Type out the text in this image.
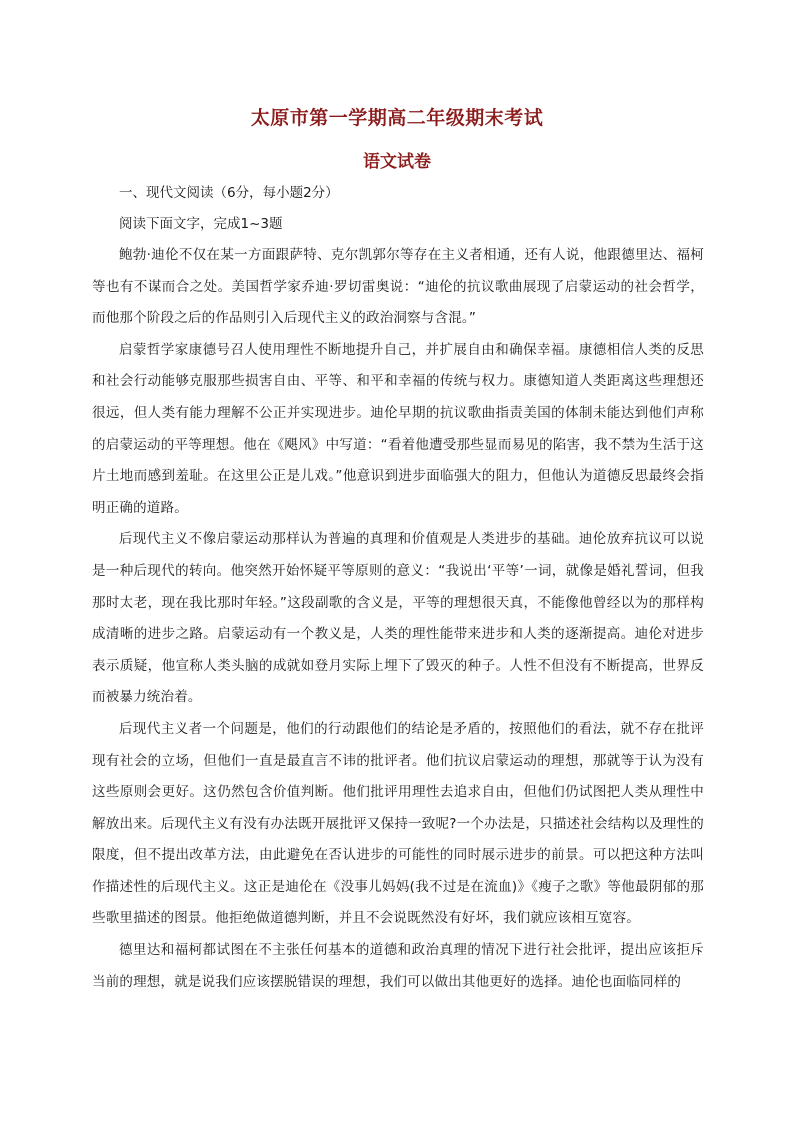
太原市第一学期高二年级期末考试
语文试卷
一、现代文阅读（6分，每小题2分）
阅读下面文字，完成1~3题

鲍勃·迪伦不仅在某一方面跟萨特、克尔凯郭尔等存在主义者相通，还有人说，他跟德里达、福柯等也有不谋而合之处。美国哲学家乔迪·罗切雷奥说：“迪伦的抗议歌曲展现了启蒙运动的社会哲学，而他那个阶段之后的作品则引入后现代主义的政治洞察与含混。”

启蒙哲学家康德号召人使用理性不断地提升自己，并扩展自由和确保幸福。康德相信人类的反思和社会行动能够克服那些损害自由、平等、和平和幸福的传统与权力。康德知道人类距离这些理想还很远，但人类有能力理解不公正并实现进步。迪伦早期的抗议歌曲指责美国的体制未能达到他们声称的启蒙运动的平等理想。他在《飓风》中写道：“看着他遭受那些显而易见的陷害，我不禁为生活于这片土地而感到羞耻。在这里公正是儿戏。”他意识到进步面临强大的阻力，但他认为道德反思最终会指明正确的道路。

后现代主义不像启蒙运动那样认为普遍的真理和价值观是人类进步的基础。迪伦放弃抗议可以说是一种后现代的转向。他突然开始怀疑平等原则的意义：“我说出‘平等’一词，就像是婚礼誓词，但我那时太老，现在我比那时年轻。”这段副歌的含义是，平等的理想很天真，不能像他曾经以为的那样构成清晰的进步之路。启蒙运动有一个教义是，人类的理性能带来进步和人类的逐渐提高。迪伦对进步表示质疑，他宣称人类头脑的成就如登月实际上埋下了毁灭的种子。人性不但没有不断提高，世界反而被暴力统治着。

后现代主义者一个问题是，他们的行动跟他们的结论是矛盾的，按照他们的看法，就不存在批评现有社会的立场，但他们一直是最直言不讳的批评者。他们抗议启蒙运动的理想，那就等于认为没有这些原则会更好。这仍然包含价值判断。他们批评用理性去追求自由，但他们仍试图把人类从理性中解放出来。后现代主义有没有办法既开展批评又保持一致呢?一个办法是，只描述社会结构以及理性的限度，但不提出改革方法，由此避免在否认进步的可能性的同时展示进步的前景。可以把这种方法叫作描述性的后现代主义。这正是迪伦在《没事儿妈妈(我不过是在流血)》《瘦子之歌》等他最阴郁的那些歌里描述的图景。他拒绝做道德判断，并且不会说既然没有好坏，我们就应该相互宽容。

德里达和福柯都试图在不主张任何基本的道德和政治真理的情况下进行社会批评，提出应该拒斥当前的理想，就是说我们应该摆脱错误的理想，我们可以做出其他更好的选择。迪伦也面临同样的
